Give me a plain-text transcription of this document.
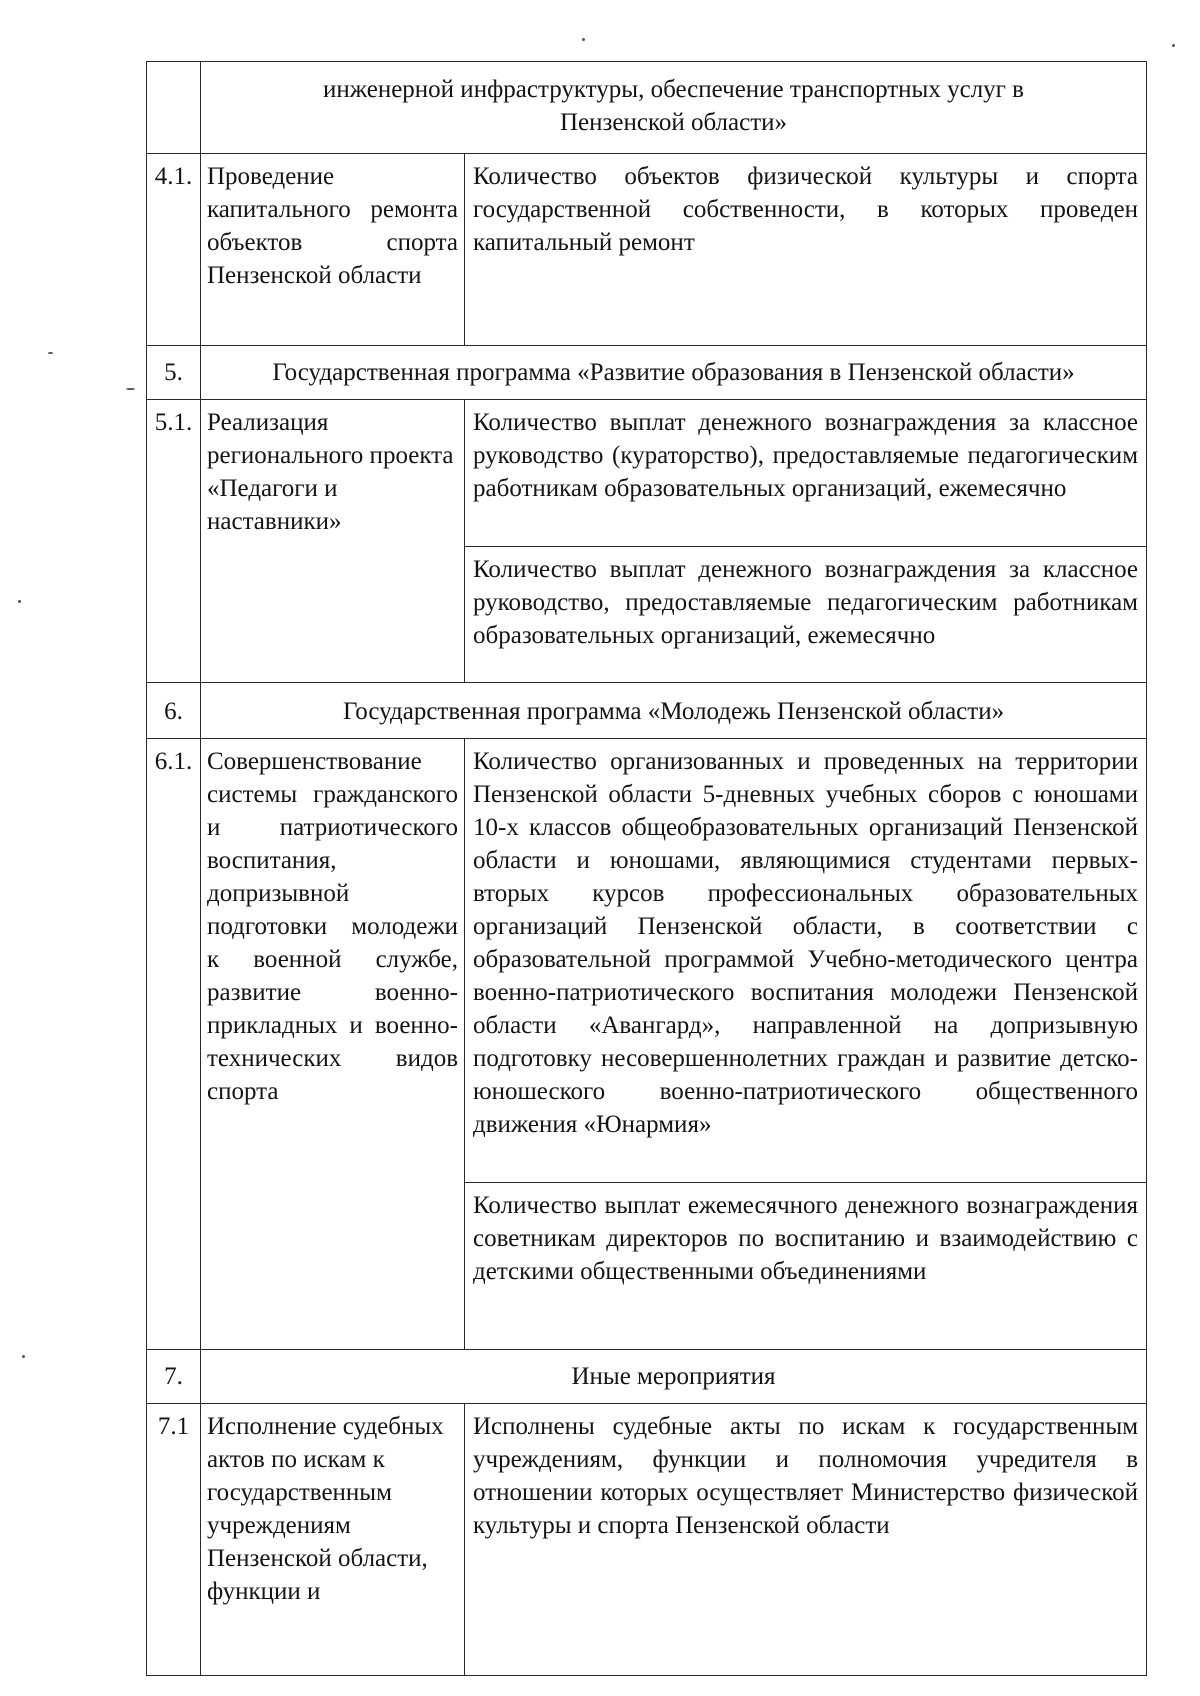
	инженерной инфраструктуры, обеспечение транспортных услуг в Пензенской области»	

4.1.	Проведение капитального ремонта объектов спорта Пензенской области	Количество объектов физической культуры и спорта государственной собственности, в которых проведен капитальный ремонт

5.	Государственная программа «Развитие образования в Пензенской области»	

5.1.	Реализация регионального проекта «Педагоги и наставники»	Количество выплат денежного вознаграждения за классное руководство (кураторство), предоставляемые педагогическим работникам образовательных организаций, ежемесячно
Количество выплат денежного вознаграждения за классное руководство, предоставляемые педагогическим работникам образовательных организаций, ежемесячно

6.	Государственная программа «Молодежь Пензенской области»	

6.1.	Совершенствование системы гражданского и патриотического воспитания, допризывной подготовки молодежи к военной службе, развитие военно-прикладных и военно-технических видов спорта	Количество организованных и проведенных на территории Пензенской области 5-дневных учебных сборов с юношами 10-х классов общеобразовательных организаций Пензенской области и юношами, являющимися студентами первых-вторых курсов профессиональных образовательных организаций Пензенской области, в соответствии с образовательной программой Учебно-методического центра военно-патриотического воспитания молодежи Пензенской области «Авангард», направленной на допризывную подготовку несовершеннолетних граждан и развитие детско-юношеского военно-патриотического общественного движения «Юнармия»
Количество выплат ежемесячного денежного вознаграждения советникам директоров по воспитанию и взаимодействию с детскими общественными объединениями

7.	Иные мероприятия	

7.1	Исполнение судебных актов по искам к государственным учреждениям Пензенской области, функции и	Исполнены судебные акты по искам к государственным учреждениям, функции и полномочия учредителя в отношении которых осуществляет Министерство физической культуры и спорта Пензенской области
